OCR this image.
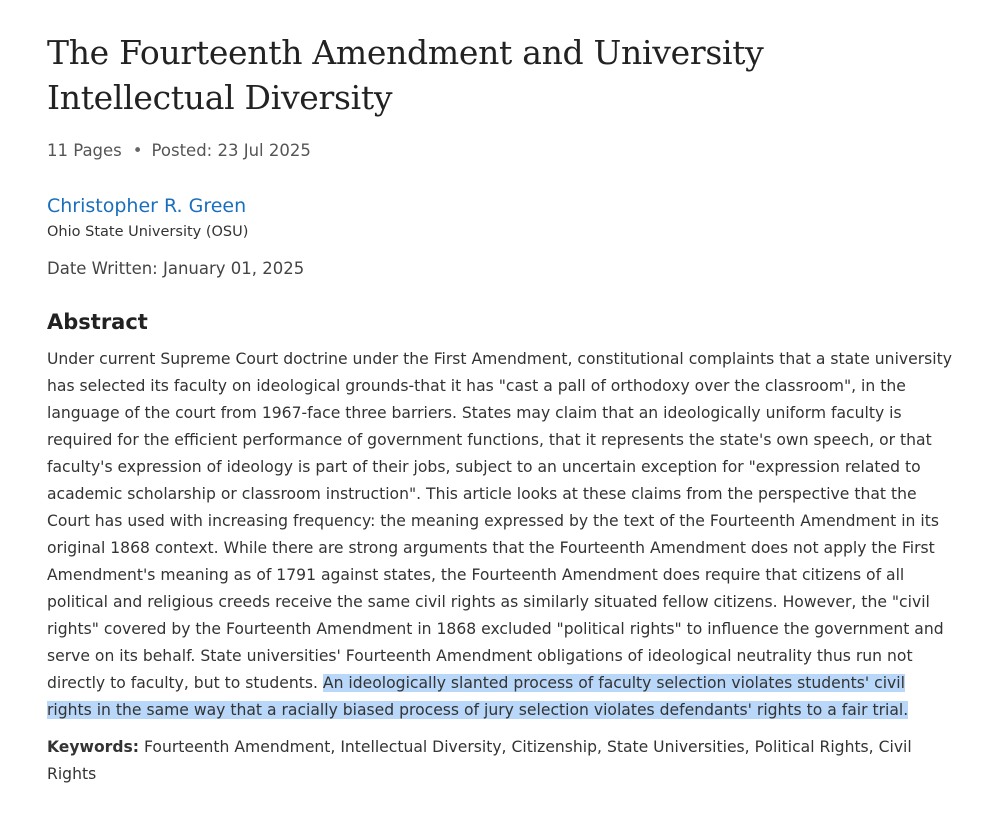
The Fourteenth Amendment and University Intellectual Diversity
11 Pages • Posted: 23 Jul 2025
Christopher R. Green
Ohio State University (OSU)
Date Written: January 01, 2025
Abstract
Under current Supreme Court doctrine under the First Amendment, constitutional complaints that a state university has selected its faculty on ideological grounds-that it has "cast a pall of orthodoxy over the classroom", in the language of the court from 1967-face three barriers. States may claim that an ideologically uniform faculty is required for the efficient performance of government functions, that it represents the state's own speech, or that faculty's expression of ideology is part of their jobs, subject to an uncertain exception for "expression related to academic scholarship or classroom instruction". This article looks at these claims from the perspective that the Court has used with increasing frequency: the meaning expressed by the text of the Fourteenth Amendment in its original 1868 context. While there are strong arguments that the Fourteenth Amendment does not apply the First Amendment's meaning as of 1791 against states, the Fourteenth Amendment does require that citizens of all political and religious creeds receive the same civil rights as similarly situated fellow citizens. However, the "civil rights" covered by the Fourteenth Amendment in 1868 excluded "political rights" to influence the government and serve on its behalf. State universities' Fourteenth Amendment obligations of ideological neutrality thus run not directly to faculty, but to students. An ideologically slanted process of faculty selection violates students' civil rights in the same way that a racially biased process of jury selection violates defendants' rights to a fair trial.
Keywords: Fourteenth Amendment, Intellectual Diversity, Citizenship, State Universities, Political Rights, Civil Rights
